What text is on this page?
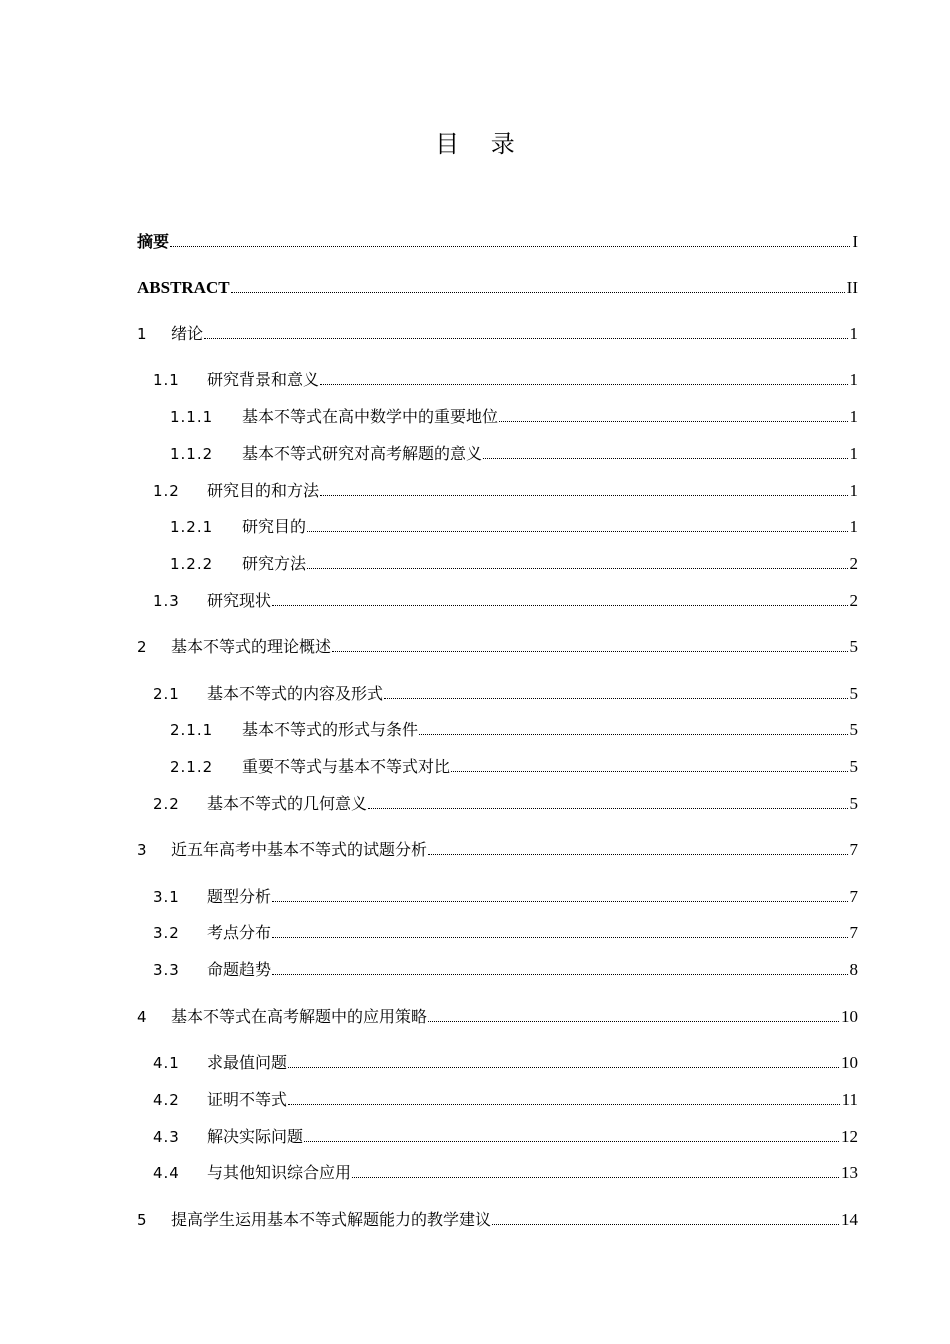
目 录
摘要	I
ABSTRACT	II
1	绪论	1
1.1	研究背景和意义	1
1.1.1	基本不等式在高中数学中的重要地位	1
1.1.2	基本不等式研究对高考解题的意义	1
1.2	研究目的和方法	1
1.2.1	研究目的	1
1.2.2	研究方法	2
1.3	研究现状	2
2	基本不等式的理论概述	5
2.1	基本不等式的内容及形式	5
2.1.1	基本不等式的形式与条件	5
2.1.2	重要不等式与基本不等式对比	5
2.2	基本不等式的几何意义	5
3	近五年高考中基本不等式的试题分析	7
3.1	题型分析	7
3.2	考点分布	7
3.3	命题趋势	8
4	基本不等式在高考解题中的应用策略	10
4.1	求最值问题	10
4.2	证明不等式	11
4.3	解决实际问题	12
4.4	与其他知识综合应用	13
5	提高学生运用基本不等式解题能力的教学建议	14
